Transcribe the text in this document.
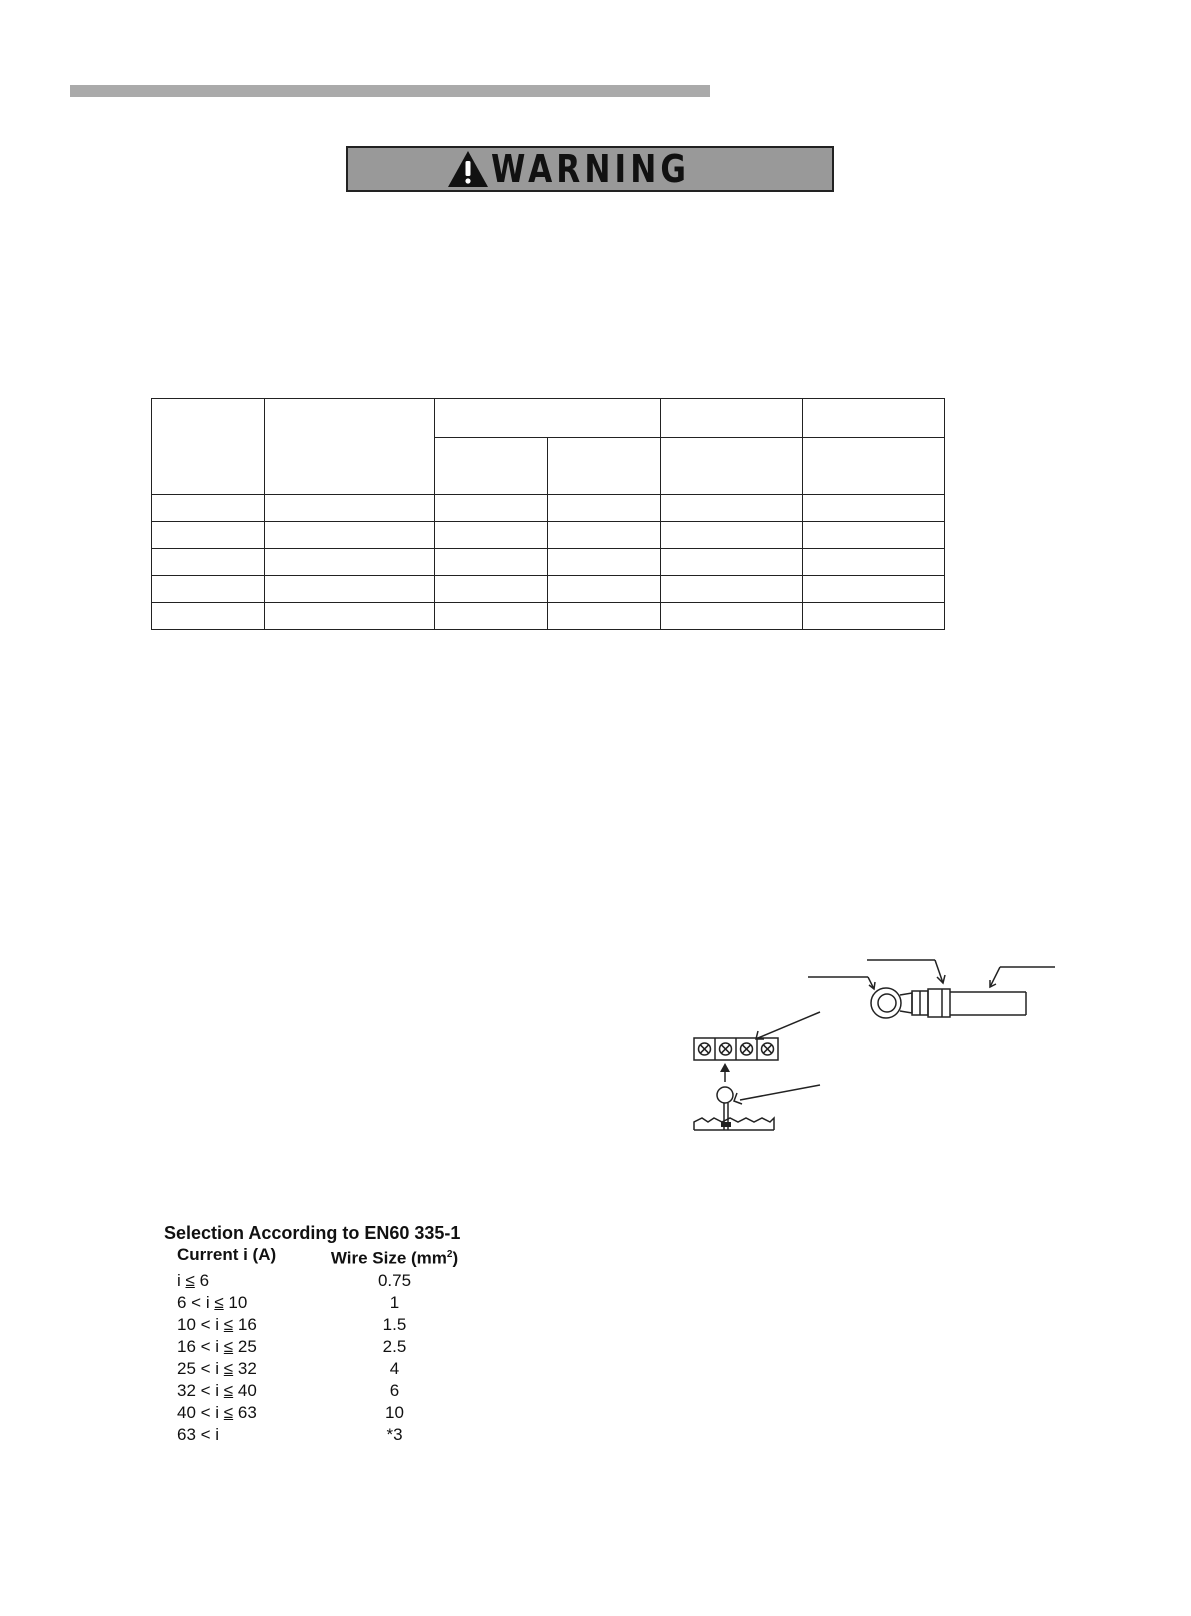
WARNING

Selection According to EN60 335-1
Current i (A)	Wire Size $(mm^2)$
i ≤ 6	0.75
6 < i ≤ 10	1
10 < i ≤ 16	1.5
16 < i ≤ 25	2.5
25 < i ≤ 32	4
32 < i ≤ 40	6
40 < i ≤ 63	10
63 < i	*3
